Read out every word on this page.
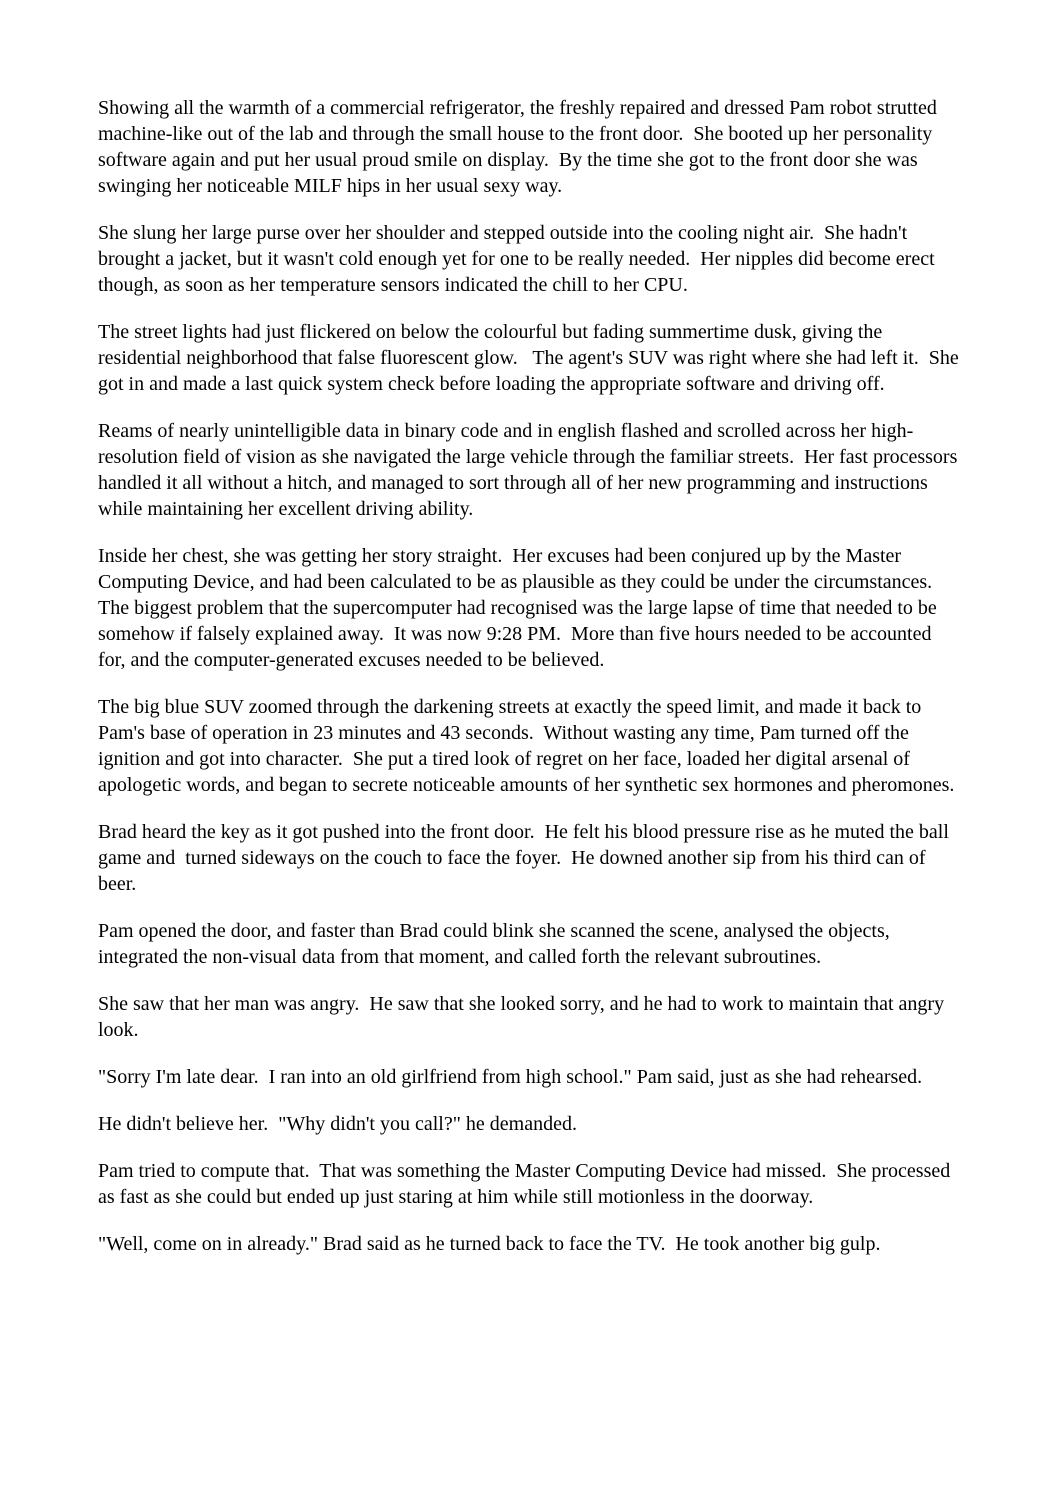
Showing all the warmth of a commercial refrigerator, the freshly repaired and dressed Pam robot strutted machine-like out of the lab and through the small house to the front door.  She booted up her personality software again and put her usual proud smile on display.  By the time she got to the front door she was swinging her noticeable MILF hips in her usual sexy way.

She slung her large purse over her shoulder and stepped outside into the cooling night air.  She hadn't brought a jacket, but it wasn't cold enough yet for one to be really needed.  Her nipples did become erect though, as soon as her temperature sensors indicated the chill to her CPU.

The street lights had just flickered on below the colourful but fading summertime dusk, giving the residential neighborhood that false fluorescent glow.   The agent's SUV was right where she had left it.  She got in and made a last quick system check before loading the appropriate software and driving off.

Reams of nearly unintelligible data in binary code and in english flashed and scrolled across her high-resolution field of vision as she navigated the large vehicle through the familiar streets.  Her fast processors handled it all without a hitch, and managed to sort through all of her new programming and instructions while maintaining her excellent driving ability.

Inside her chest, she was getting her story straight.  Her excuses had been conjured up by the Master Computing Device, and had been calculated to be as plausible as they could be under the circumstances.  The biggest problem that the supercomputer had recognised was the large lapse of time that needed to be somehow if falsely explained away.  It was now 9:28 PM.  More than five hours needed to be accounted for, and the computer-generated excuses needed to be believed.

The big blue SUV zoomed through the darkening streets at exactly the speed limit, and made it back to Pam's base of operation in 23 minutes and 43 seconds.  Without wasting any time, Pam turned off the ignition and got into character.  She put a tired look of regret on her face, loaded her digital arsenal of apologetic words, and began to secrete noticeable amounts of her synthetic sex hormones and pheromones.

Brad heard the key as it got pushed into the front door.  He felt his blood pressure rise as he muted the ball game and  turned sideways on the couch to face the foyer.  He downed another sip from his third can of beer.

Pam opened the door, and faster than Brad could blink she scanned the scene, analysed the objects, integrated the non-visual data from that moment, and called forth the relevant subroutines.

She saw that her man was angry.  He saw that she looked sorry, and he had to work to maintain that angry look.

"Sorry I'm late dear.  I ran into an old girlfriend from high school." Pam said, just as she had rehearsed.

He didn't believe her.  "Why didn't you call?" he demanded.

Pam tried to compute that.  That was something the Master Computing Device had missed.  She processed as fast as she could but ended up just staring at him while still motionless in the doorway.

"Well, come on in already." Brad said as he turned back to face the TV.  He took another big gulp.
